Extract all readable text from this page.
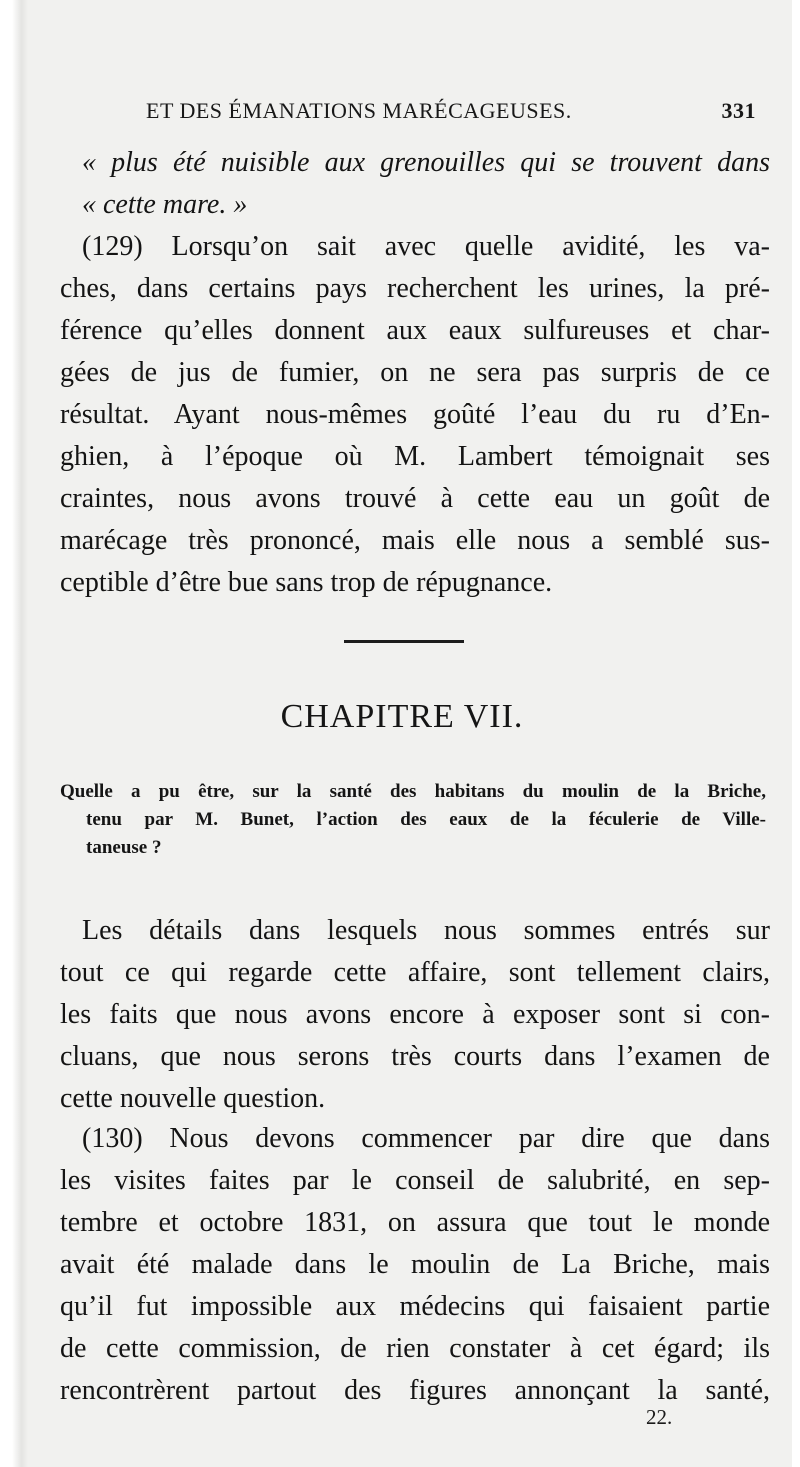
ET DES ÉMANATIONS MARÉCAGEUSES.	331
« plus été nuisible aux grenouilles qui se trouvent dans
« cette mare. »
(129) Lorsqu’on sait avec quelle avidité, les va-
ches, dans certains pays recherchent les urines, la pré-
férence qu’elles donnent aux eaux sulfureuses et char-
gées de jus de fumier, on ne sera pas surpris de ce
résultat. Ayant nous-mêmes goûté l’eau du ru d’En-
ghien, à l’époque où M. Lambert témoignait ses
craintes, nous avons trouvé à cette eau un goût de
marécage très prononcé, mais elle nous a semblé sus-
ceptible d’être bue sans trop de répugnance.
CHAPITRE VII.
Quelle a pu être, sur la santé des habitans du moulin de la Briche,
tenu par M. Bunet, l’action des eaux de la féculerie de Ville-
taneuse ?
Les détails dans lesquels nous sommes entrés sur
tout ce qui regarde cette affaire, sont tellement clairs,
les faits que nous avons encore à exposer sont si con-
cluans, que nous serons très courts dans l’examen de
cette nouvelle question.
(130) Nous devons commencer par dire que dans
les visites faites par le conseil de salubrité, en sep-
tembre et octobre 1831, on assura que tout le monde
avait été malade dans le moulin de La Briche, mais
qu’il fut impossible aux médecins qui faisaient partie
de cette commission, de rien constater à cet égard; ils
rencontrèrent partout des figures annonçant la santé,
22.
